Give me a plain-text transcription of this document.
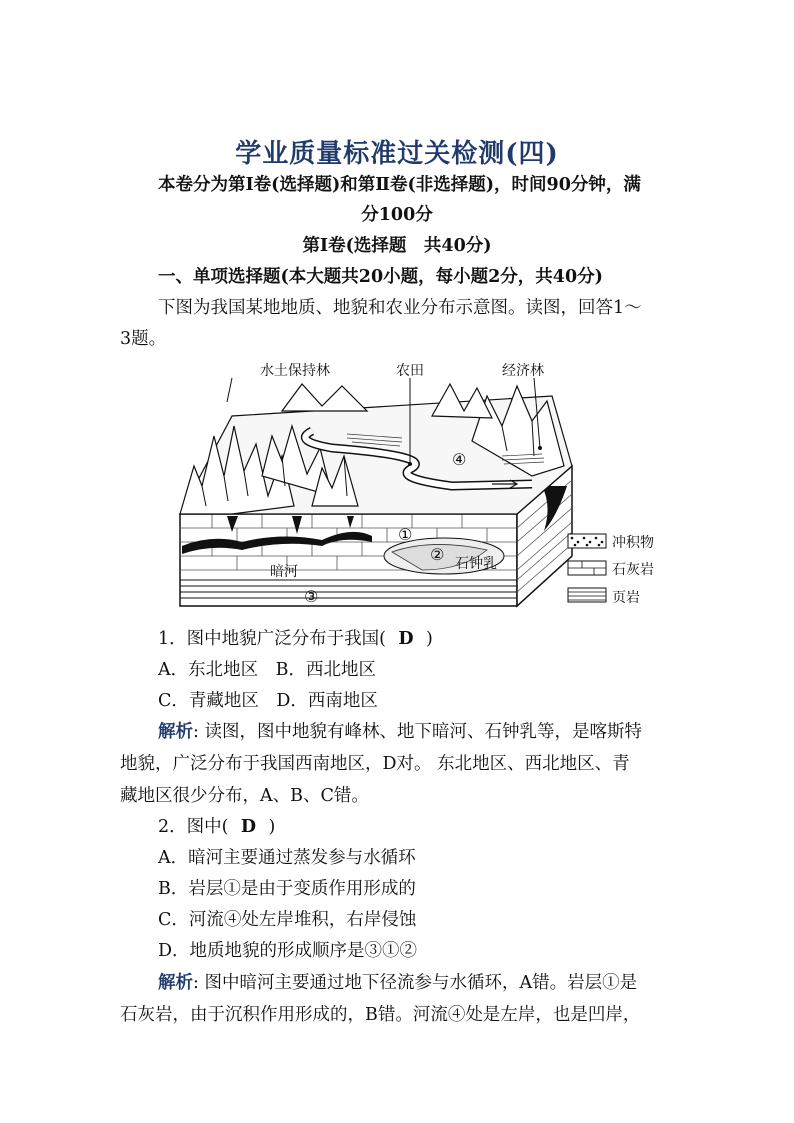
学业质量标准过关检测(四)
本卷分为第Ⅰ卷(选择题)和第Ⅱ卷(非选择题)，时间90分钟，满
分100分
第Ⅰ卷(选择题　共40分)
一、单项选择题(本大题共20小题，每小题2分，共40分)
下图为我国某地地质、地貌和农业分布示意图。读图，回答1～
3题。
水土保持林	农田	经济林
④
①
②
③
暗河	石钟乳
冲积物
石灰岩
页岩
1．图中地貌广泛分布于我国( D )
A．东北地区　B．西北地区
C．青藏地区　D．西南地区
解析: 读图，图中地貌有峰林、地下暗河、石钟乳等，是喀斯特
地貌，广泛分布于我国西南地区，D对。 东北地区、西北地区、青
藏地区很少分布，A、B、C错。
2．图中( D )
A．暗河主要通过蒸发参与水循环
B．岩层①是由于变质作用形成的
C．河流④处左岸堆积，右岸侵蚀
D．地质地貌的形成顺序是③①②
解析: 图中暗河主要通过地下径流参与水循环，A错。岩层①是
石灰岩，由于沉积作用形成的，B错。河流④处是左岸，也是凹岸，
